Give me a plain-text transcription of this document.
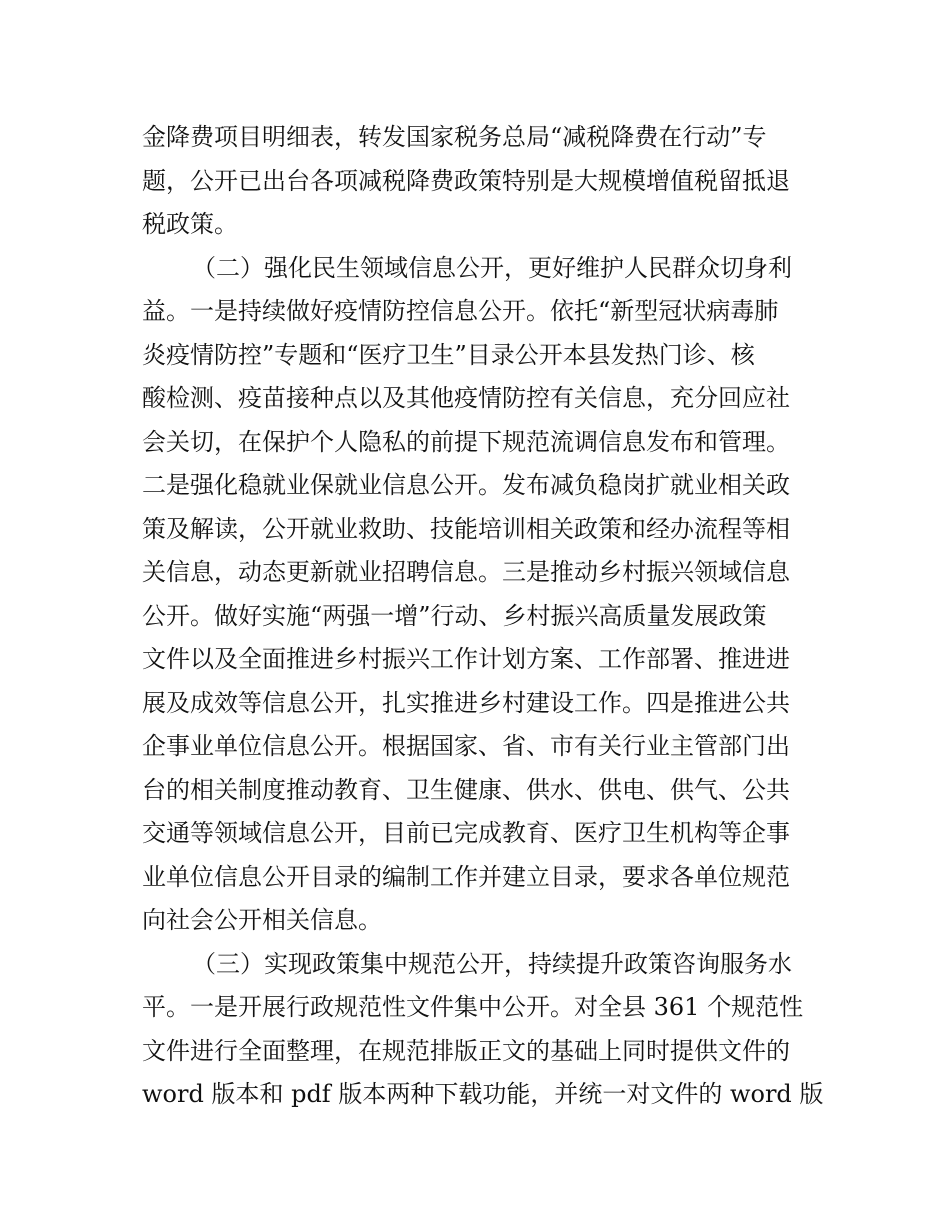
金降费项目明细表，转发国家税务总局“减税降费在行动”专
题，公开已出台各项减税降费政策特别是大规模增值税留抵退
税政策。
（二）强化民生领域信息公开，更好维护人民群众切身利
益。一是持续做好疫情防控信息公开。依托“新型冠状病毒肺
炎疫情防控”专题和“医疗卫生”目录公开本县发热门诊、核
酸检测、疫苗接种点以及其他疫情防控有关信息，充分回应社
会关切，在保护个人隐私的前提下规范流调信息发布和管理。
二是强化稳就业保就业信息公开。发布减负稳岗扩就业相关政
策及解读，公开就业救助、技能培训相关政策和经办流程等相
关信息，动态更新就业招聘信息。三是推动乡村振兴领域信息
公开。做好实施“两强一增”行动、乡村振兴高质量发展政策
文件以及全面推进乡村振兴工作计划方案、工作部署、推进进
展及成效等信息公开，扎实推进乡村建设工作。四是推进公共
企事业单位信息公开。根据国家、省、市有关行业主管部门出
台的相关制度推动教育、卫生健康、供水、供电、供气、公共
交通等领域信息公开，目前已完成教育、医疗卫生机构等企事
业单位信息公开目录的编制工作并建立目录，要求各单位规范
向社会公开相关信息。
（三）实现政策集中规范公开，持续提升政策咨询服务水
平。一是开展行政规范性文件集中公开。对全县 361 个规范性
文件进行全面整理，在规范排版正文的基础上同时提供文件的
word 版本和 pdf 版本两种下载功能，并统一对文件的 word 版
